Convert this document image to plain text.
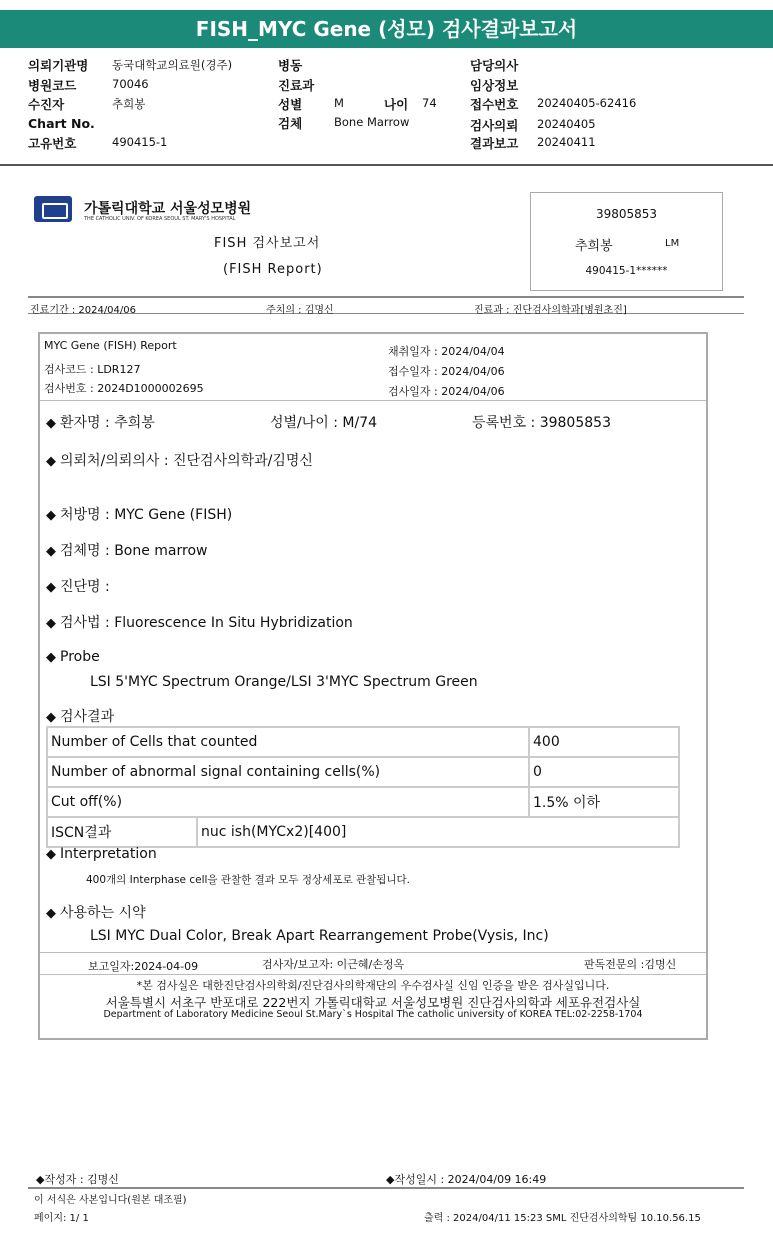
FISH_MYC Gene (성모) 검사결과보고서
의뢰기관명 동국대학교의료원(경주)	병동	담당의사
병원코드	70046	진료과	임상정보
수진자	추희봉	성별	M	나이 74	접수번호 20240405-62416
Chart No.	검체	Bone Marrow	검사의뢰 20240405
고유번호	490415-1	결과보고 20240411
가톨릭대학교 서울성모병원
THE CATHOLIC UNIV. OF KOREA SEOUL ST. MARY'S HOSPITAL
FISH 검사보고서
(FISH Report)
39805853
추희봉	LM
490415-1******
진료기간 : 2024/04/06	주치의 : 김명신	진료과 : 진단검사의학과[병원초진]
MYC Gene (FISH) Report
검사코드 : LDR127
검사번호 : 2024D1000002695
채취일자 : 2024/04/04
접수일자 : 2024/04/06
검사일자 : 2024/04/06
◆ 환자명 : 추희봉	성별/나이 : M/74	등록번호 : 39805853
◆ 의뢰처/의뢰의사 : 진단검사의학과/김명신
◆ 처방명 : MYC Gene (FISH)
◆ 검체명 : Bone marrow
◆ 진단명 :
◆ 검사법 : Fluorescence In Situ Hybridization
◆ Probe
LSI 5'MYC Spectrum Orange/LSI 3'MYC Spectrum Green
◆ 검사결과
Number of Cells that counted		400
Number of abnormal signal containing cells(%)		0
Cut off(%)		1.5% 이하
ISCN결과	nuc ish(MYCx2)[400]	
◆ Interpretation
400개의 Interphase cell을 관찰한 결과 모두 정상세포로 관찰됩니다.
◆ 사용하는 시약
LSI MYC Dual Color, Break Apart Rearrangement Probe(Vysis, Inc)
보고일자:2024-04-09	검사자/보고자: 이근혜/손정옥	판독전문의 :김명신
*본 검사실은 대한진단검사의학회/진단검사의학재단의 우수검사실 신임 인증을 받은 검사실입니다.
서울특별시 서초구 반포대로 222번지 가톨릭대학교 서울성모병원 진단검사의학과 세포유전검사실
Department of Laboratory Medicine Seoul St.Mary`s Hospital The catholic university of KOREA TEL:02-2258-1704
◆작성자 : 김명신	◆작성일시 : 2024/04/09 16:49
이 서식은 사본입니다(원본 대조필)
페이지: 1/ 1	출력 : 2024/04/11 15:23 SML 진단검사의학팀 10.10.56.15
